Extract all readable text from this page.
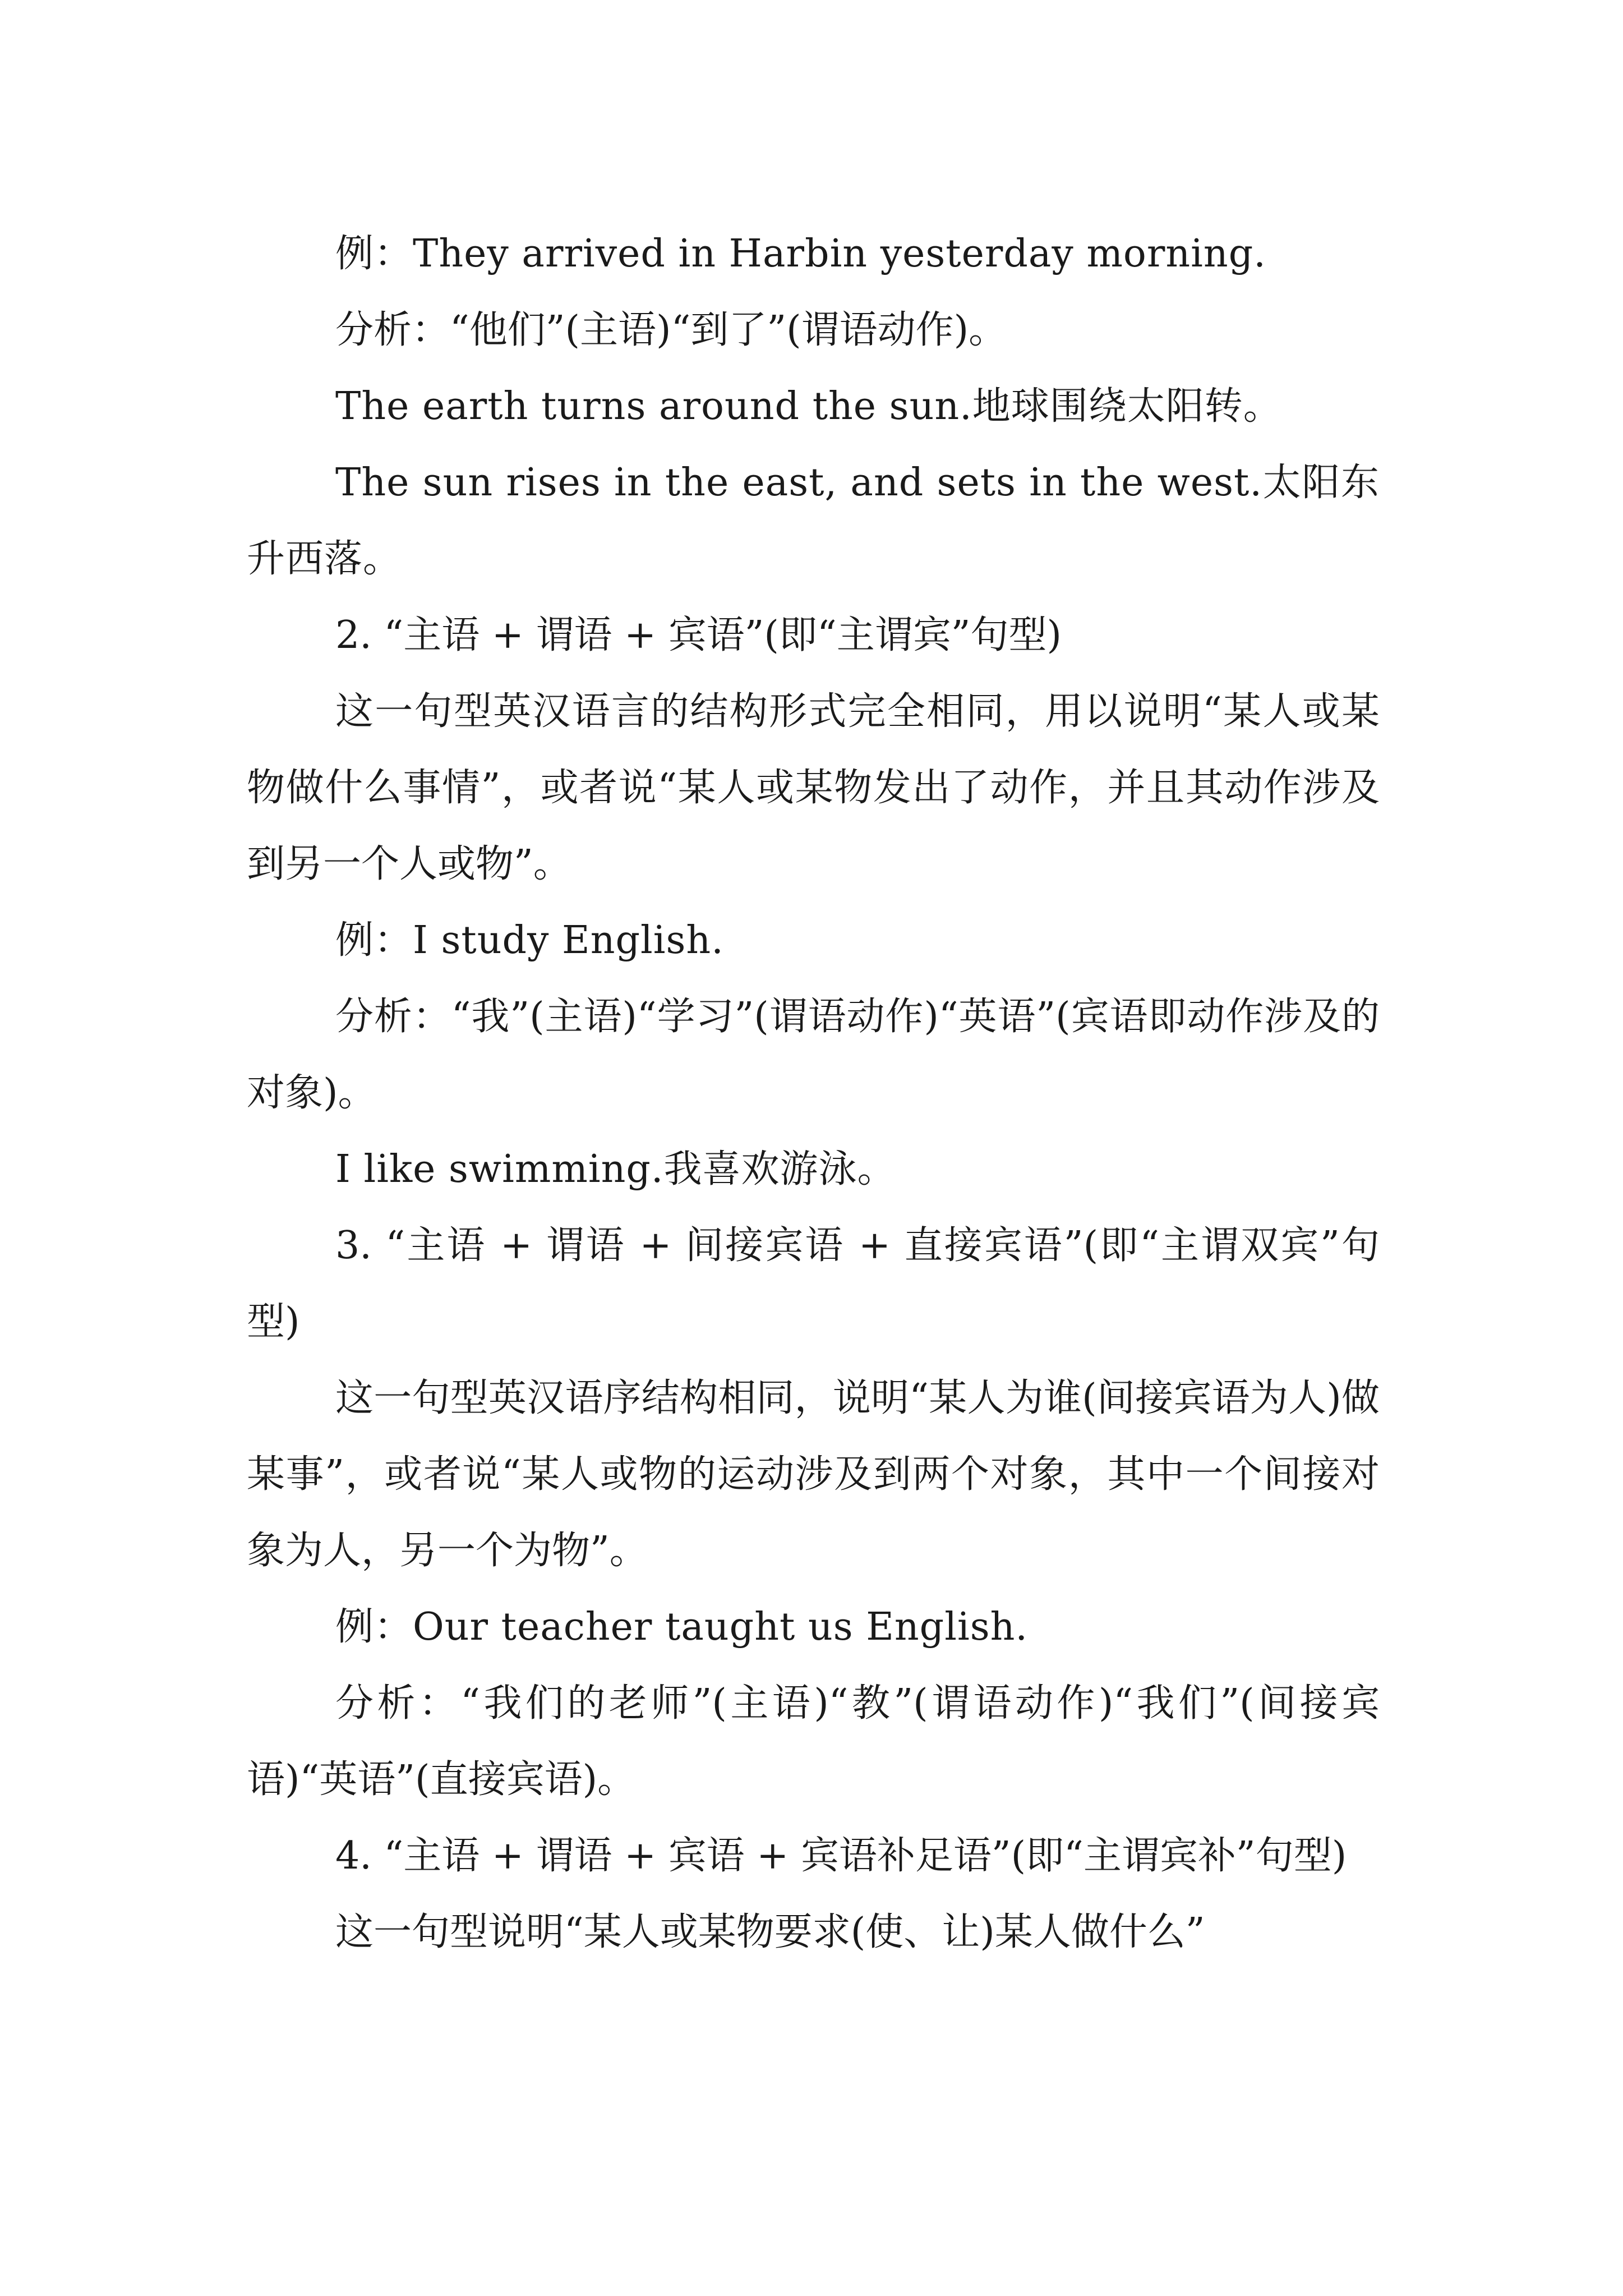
例：They arrived in Harbin yesterday morning.

分析：“他们”(主语)“到了”(谓语动作)。

The earth turns around the sun.地球围绕太阳转。

The sun rises in the east, and sets in the west.太阳东升西落。

2. “主语 + 谓语 + 宾语”(即“主谓宾”句型)

这一句型英汉语言的结构形式完全相同，用以说明“某人或某物做什么事情”，或者说“某人或某物发出了动作，并且其动作涉及到另一个人或物”。

例：I study English.

分析：“我”(主语)“学习”(谓语动作)“英语”(宾语即动作涉及的对象)。

I like swimming.我喜欢游泳。

3. “主语 + 谓语 + 间接宾语 + 直接宾语”(即“主谓双宾”句型)

这一句型英汉语序结构相同，说明“某人为谁(间接宾语为人)做某事”，或者说“某人或物的运动涉及到两个对象，其中一个间接对象为人，另一个为物”。

例：Our teacher taught us English.

分析：“我们的老师”(主语)“教”(谓语动作)“我们”(间接宾语)“英语”(直接宾语)。

4. “主语 + 谓语 + 宾语 + 宾语补足语”(即“主谓宾补”句型)

这一句型说明“某人或某物要求(使、让)某人做什么”
